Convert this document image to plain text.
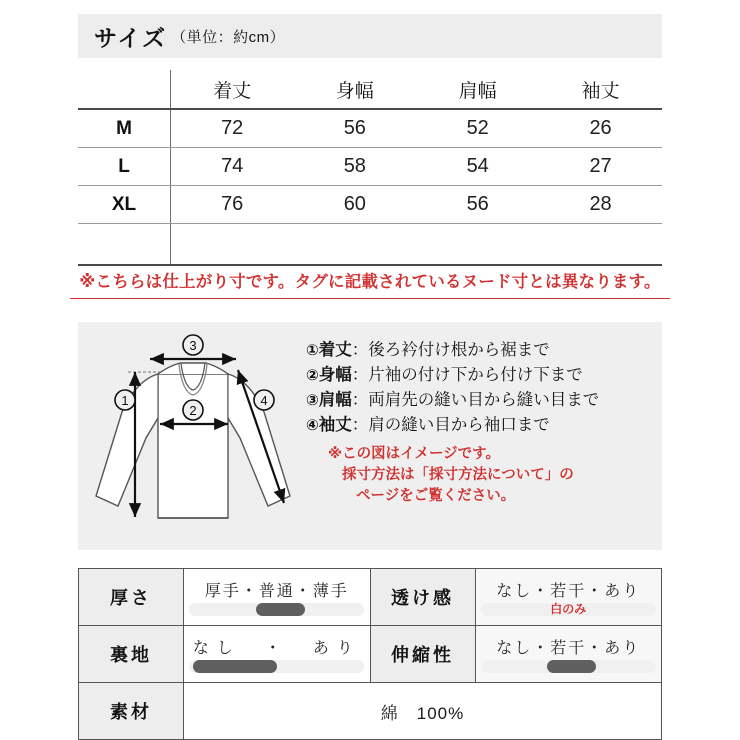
サイズ （単位：約cm）
	着丈	身幅	肩幅	袖丈
M	72	56	52	26
L	74	58	54	27
XL	76	60	56	28

※こちらは仕上がり寸です。タグに記載されているヌード寸とは異なります。
1
2
3
4
①着丈：後ろ衿付け根から裾まで
②身幅：片袖の付け下から付け下まで
③肩幅：両肩先の縫い目から縫い目まで
④袖丈：肩の縫い目から袖口まで
※この図はイメージです。
採寸方法は「採寸方法について」の
ページをご覧ください。
厚さ	厚手・普通・薄手	透け感	なし・若干・あり
白のみ

裏地	なし　・　あり	伸縮性	なし・若干・あり

素材	綿　100%		
